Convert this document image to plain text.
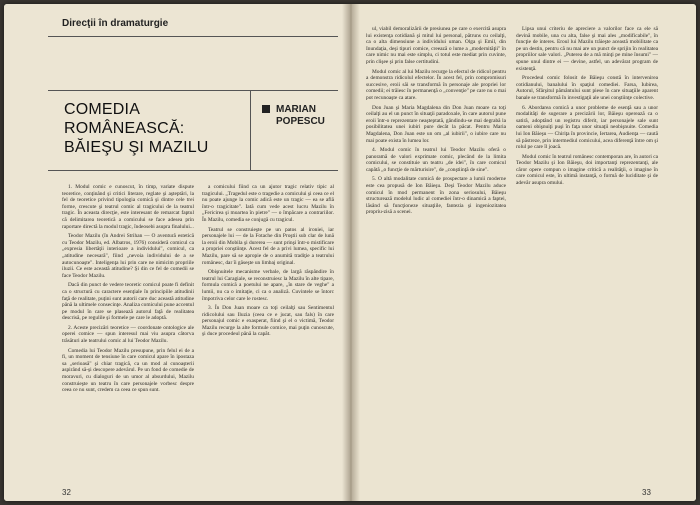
Direcţii în dramaturgie
COMEDIA
ROMÂNEASCĂ:
BĂIEŞU ŞI MAZILU
MARIAN
POPESCU

1. Modul comic e cunoscut, în timp, variate dispute teoretice, conţinând şi critici literare, reglate şi aşteptări, la fel de teoretice privind tipologia comică şi dintre cele trei forme, crescute şi teatrul comic al tragicului de la teatrul tragic. În aceasta direcţie, este interesant de remarcat faptul că delimitarea teoretică a comicului se face adesea prin raportare directă la modul tragic, îndeosebi asupra finalului...

Teodor Mazilu (în Andrei Strihan — O aventură estetică cu Teodor Mazilu, ed. Albatros, 1976) consideră comicul ca „expresia libertăţii interioare a individului", comicul, ca „atitudine necesară", fiind „nevoia individului de a se autocunoaşte". Inteligenţa lui prin care ne nimicim propriile iluzii. Ce este această atitudine? Şi din ce fel de comedii se face Teodor Mazilu.

Dacă din punct de vedere teoretic comicul poate fi definit ca o structură cu caractere esenţiale în principiile atitudinii faţă de realitate, puţini sunt autorii care duc această atitudine până la ultimele consecinţe. Analiza comicului pune accentul pe modul în care se plasează autorul faţă de realitatea descrisă, pe regulile şi formele pe care le adoptă.

2. Aceste precizări teoretice — coordonate ontologice ale operei comice — spun interesul mai viu asupra câtorva trăsături ale teatrului comic al lui Teodor Mazilu.

Comedia lui Teodor Mazilu presupune, prin felul ei de a fi, un moment de tensiune în care comicul apare în ipostaza sa „serioasă" şi chiar tragică, ca un mod al cunoaşterii aspirând să-şi descopere adevărul. Pe un fond de comedie de moravuri, cu dialoguri de un umor al absurdului, Mazilu construieşte un teatru în care personajele vorbesc despre ceea ce nu sunt, credem ca ceea ce spun sunt.

a comicului fiind ca un ajutor tragic relativ tipic al tragicului. „Tragedul este o tragedie a comicului şi ceea ce el nu poate ajunge la comic adică este un tragic — ea se află într-o tragicitate". Iată cum vede acest lucru Mazilu în „Fericirea şi moartea în pietre" — o împăcare a contrariilor. În Mazilu, comedia se conjugă cu tragicul.

Teatrul se construieşte pe un patos al ironiei, iar personajele lui — de la Fotache din Proştii sub clar de lună la eroii din Mobila şi durerea — sunt prinşi într-o mistificare a propriei conştiinţe. Acest fel de a privi lumea, specific lui Mazilu, pare să se apropie de o anumită tradiţie a teatrului românesc, dar îi găseşte un limbaj original.

Obişnuitele mecanisme verbale, de largă răspândire în teatrul lui Caragiale, se reconstruiesc la Mazilu în alte tipare, formula comică a poetului ne apare, „în stare de veghe" a lumii, nu ca o imitaţie, ci ca o analiză. Cuvintele se întorc împotriva celor care le rostesc.

3. În Don Juan moare ca toţi ceilalţi sau Sentimentul ridicolului sau Iluzia (ceea ce e jucat, sau fals) în care personajul comic e exasperat, fiind şi el o victimă, Teodor Mazilu recurge la alte formule comice, mai puţin cunoscute, şi duce procedeul până la capăt.

32

ul, viabil demoralizării de presiunea pe care o exercită asupra lui existenţa cotidiană şi mitul lui personal, pătruns cu ceilalţi, ca o alta dimensiune a individului uman. Olga şi Emil, din Inundaţia, deşi tipuri comice, creează o lume a „modernităţii" în care nimic nu mai este simplu, ci totul este mediat prin cuvinte, prin clişee şi prin false certitudini.

Modul comic al lui Mazilu recurge la efectul de ridicol pentru a demonstra ridicolul efectelor. În acest fel, prin compromisuri succesive, eroii săi se transformă în personaje ale propriei lor comedii; ei trăiesc în permanenţă o „convenţie" pe care nu o mai pot recunoaşte ca atare.

Don Juan şi Maria Magdalena din Don Juan moare ca toţi ceilalţi au el un punct în situaţii paradoxale, în care autorul pune eroii într-o reprezentare neaşteptată, gândindu-se mai degrabă la posibilitatea unei iubiri pure decât la păcat. Pentru Maria Magdalena, Don Juan este un om „al iubirii", o iubire care nu mai poate exista în lumea lor.

4. Modul comic în teatrul lui Teodor Mazilu oferă o panoramă de valori exprimate comic, plecând de la limita comicului, se constituie un teatru „de idei", în care comicul capătă „o funcţie de mărturisire", de „conştiinţă de sine".

5. O altă modalitate comică de prospectare a lumii moderne este cea propusă de Ion Băieşu. Deşi Teodor Mazilu aduce comicul în mod permanent în zona seriosului, Băieşu structurează modelul ludic al comediei într-o dinamică a faptei, lăsând să funcţioneze situaţiile, fantezia şi ingeniozitatea propriu-zisă a scenei.

Lipsa unui criteriu de apreciere a valorilor face ca ele să devină mobile, una cu alta, false şi mai ales „modificabile", în funcţie de interes. Eroul lui Mazilu trăieşte această mobilitate ca pe un destin, pentru că nu mai are un punct de sprijin în realitatea propriilor sale valori. „Puterea de a mă minţi pe mine însumi" — spune unul dintre ei — devine, astfel, un adevărat program de existenţă.

Procedeul comic folosit de Băieşu constă în intervenirea cotidianului, banalului în spaţiul comediei. Farsa, Iubirea, Autorul, Sfârşitul pământului sunt piese în care situaţiile aparent banale se transformă în investigaţii ale unei conştiinţe colective.

6. Abordarea comică a unor probleme de esenţă sau a unor modalităţi de sugerare a precizării lor, Băieşu operează ca o satiră, adoptând un registru diferit, iar personajele sale sunt oameni obişnuiţi puşi în faţa unor situaţii neobişnuite. Comedia lui Ion Băieşu — Chiriţa în provincie, Iertarea, Audienţa — caută să păstreze, prin intermediul comicului, acea diferenţă între om şi rolul pe care îl joacă.

Modul comic în teatrul românesc contemporan are, în autori ca Teodor Mazilu şi Ion Băieşu, doi importanţi reprezentanţi, ale căror opere compun o imagine critică a realităţii, o imagine în care comicul este, în ultimă instanţă, o formă de luciditate şi de adevăr asupra omului.

33
